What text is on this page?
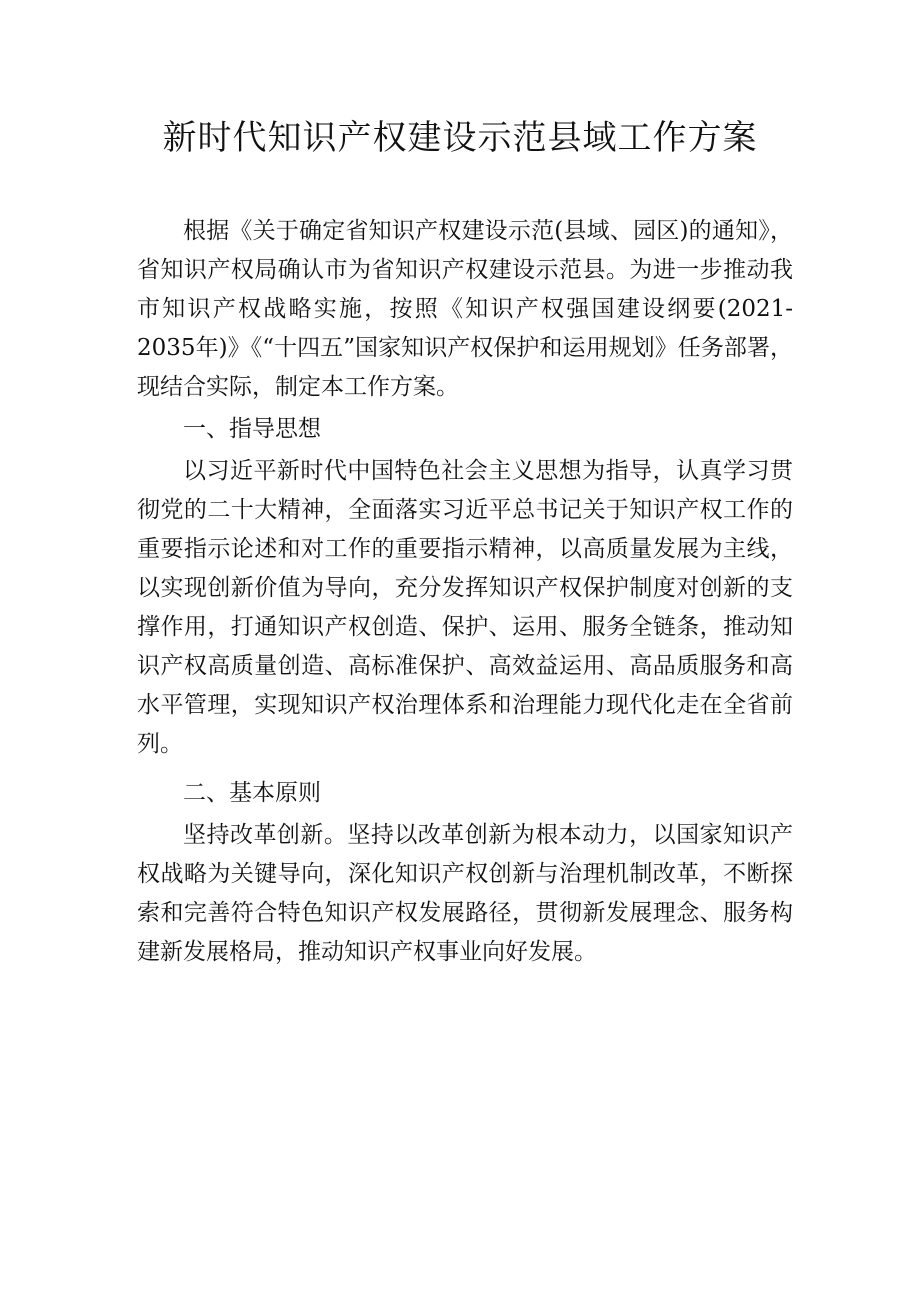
新时代知识产权建设示范县域工作方案

根据《关于确定省知识产权建设示范(县域、园区)的通知》，省知识产权局确认市为省知识产权建设示范县。为进一步推动我市知识产权战略实施，按照《知识产权强国建设纲要(2021-2035年)》《“十四五”国家知识产权保护和运用规划》任务部署，现结合实际，制定本工作方案。

一、指导思想

以习近平新时代中国特色社会主义思想为指导，认真学习贯彻党的二十大精神，全面落实习近平总书记关于知识产权工作的重要指示论述和对工作的重要指示精神，以高质量发展为主线，以实现创新价值为导向，充分发挥知识产权保护制度对创新的支撑作用，打通知识产权创造、保护、运用、服务全链条，推动知识产权高质量创造、高标准保护、高效益运用、高品质服务和高水平管理，实现知识产权治理体系和治理能力现代化走在全省前列。

二、基本原则

坚持改革创新。坚持以改革创新为根本动力，以国家知识产权战略为关键导向，深化知识产权创新与治理机制改革，不断探索和完善符合特色知识产权发展路径，贯彻新发展理念、服务构建新发展格局，推动知识产权事业向好发展。
